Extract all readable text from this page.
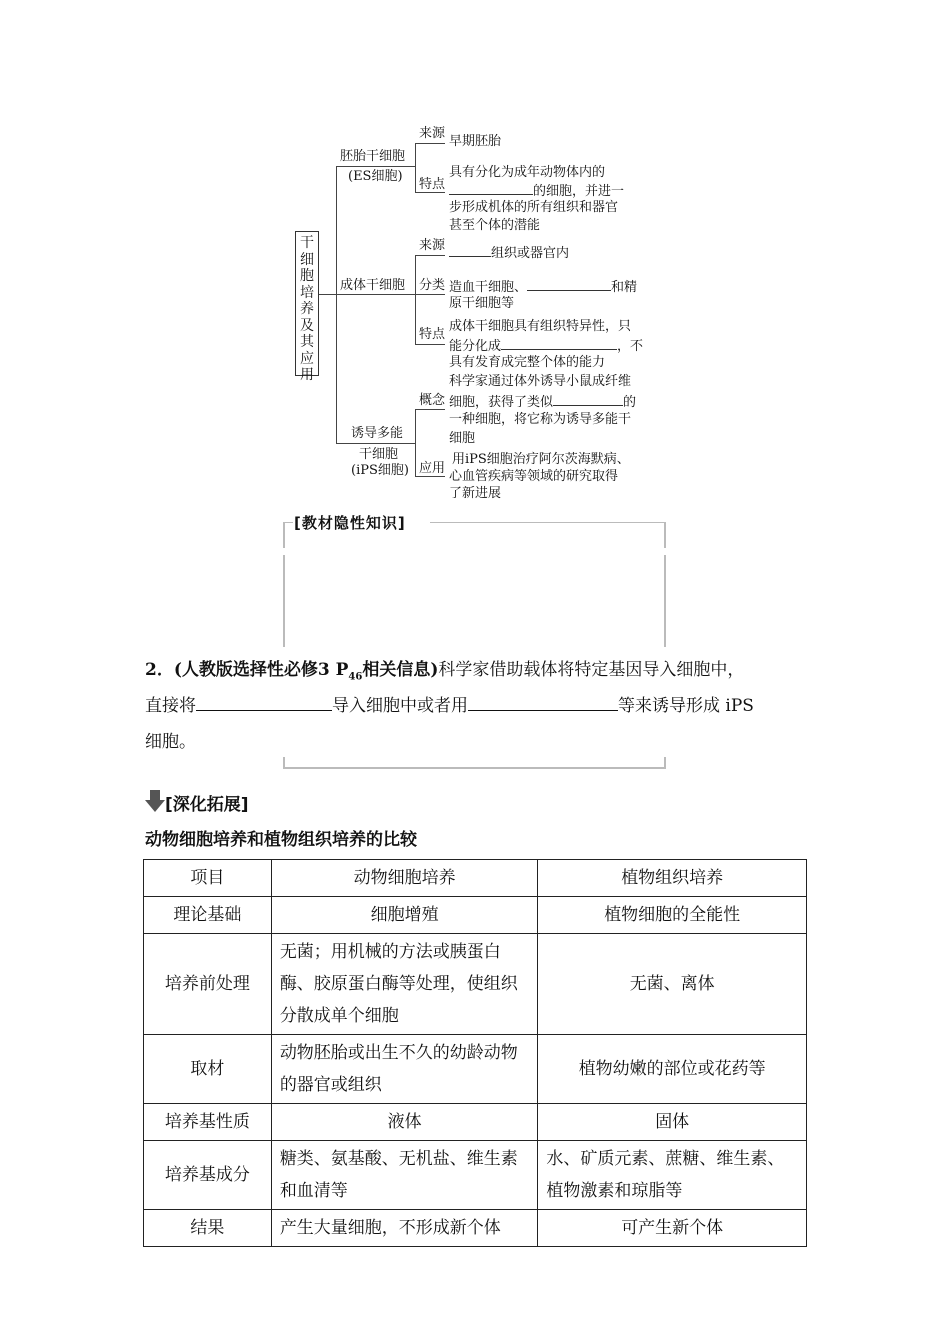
干细胞培养及其应用
胚胎干细胞
(ES细胞)
来源
早期胚胎
特点
具有分化为成年动物体内的
的细胞，并进一
步形成机体的所有组织和器官
甚至个体的潜能
成体干细胞
来源
组织或器官内
分类 造血干细胞、	和精
原干细胞等
特点
成体干细胞具有组织特异性，只
能分化成	，不
具有发育成完整个体的能力
诱导多能
干细胞
(iPS细胞)
概念
科学家通过体外诱导小鼠成纤维
细胞，获得了类似	的
一种细胞，将它称为诱导多能干
细胞
应用
用iPS细胞治疗阿尔茨海默病、
心血管疾病等领域的研究取得
了新进展
[教材隐性知识]
2．(人教版选择性必修3 $P_{46}$相关信息)科学家借助载体将特定基因导入细胞中，
直接将	导入细胞中或者用	等来诱导形成 iPS
细胞。
[深化拓展]
动物细胞培养和植物组织培养的比较
项目	动物细胞培养	植物组织培养
理论基础	细胞增殖	植物细胞的全能性
培养前处理	无菌；用机械的方法或胰蛋白酶、胶原蛋白酶等处理，使组织分散成单个细胞	无菌、离体
取材	动物胚胎或出生不久的幼龄动物的器官或组织	植物幼嫩的部位或花药等
培养基性质	液体	固体
培养基成分	糖类、氨基酸、无机盐、维生素和血清等	水、矿质元素、蔗糖、维生素、植物激素和琼脂等
结果	产生大量细胞，不形成新个体	可产生新个体
